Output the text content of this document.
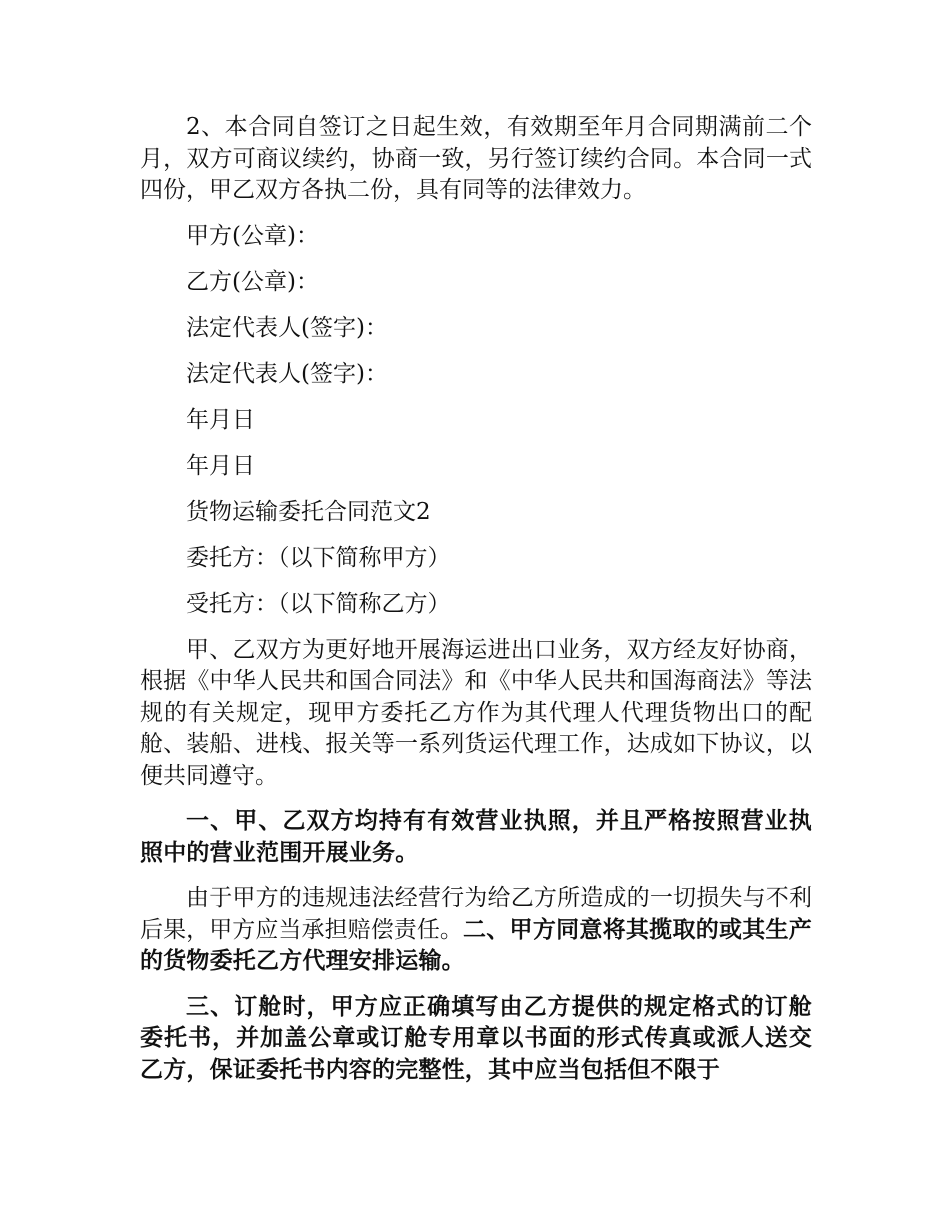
2、本合同自签订之日起生效，有效期至年月合同期满前二个月，双方可商议续约，协商一致，另行签订续约合同。本合同一式四份，甲乙双方各执二份，具有同等的法律效力。

甲方(公章)：

乙方(公章)：

法定代表人(签字)：

法定代表人(签字)：

年月日

年月日

货物运输委托合同范文2

委托方：（以下简称甲方）

受托方：（以下简称乙方）

甲、乙双方为更好地开展海运进出口业务，双方经友好协商，根据《中华人民共和国合同法》和《中华人民共和国海商法》等法规的有关规定，现甲方委托乙方作为其代理人代理货物出口的配舱、装船、进栈、报关等一系列货运代理工作，达成如下协议，以便共同遵守。

一、甲、乙双方均持有有效营业执照，并且严格按照营业执照中的营业范围开展业务。

由于甲方的违规违法经营行为给乙方所造成的一切损失与不利后果，甲方应当承担赔偿责任。二、甲方同意将其揽取的或其生产的货物委托乙方代理安排运输。

三、订舱时，甲方应正确填写由乙方提供的规定格式的订舱委托书，并加盖公章或订舱专用章以书面的形式传真或派人送交乙方，保证委托书内容的完整性，其中应当包括但不限于
